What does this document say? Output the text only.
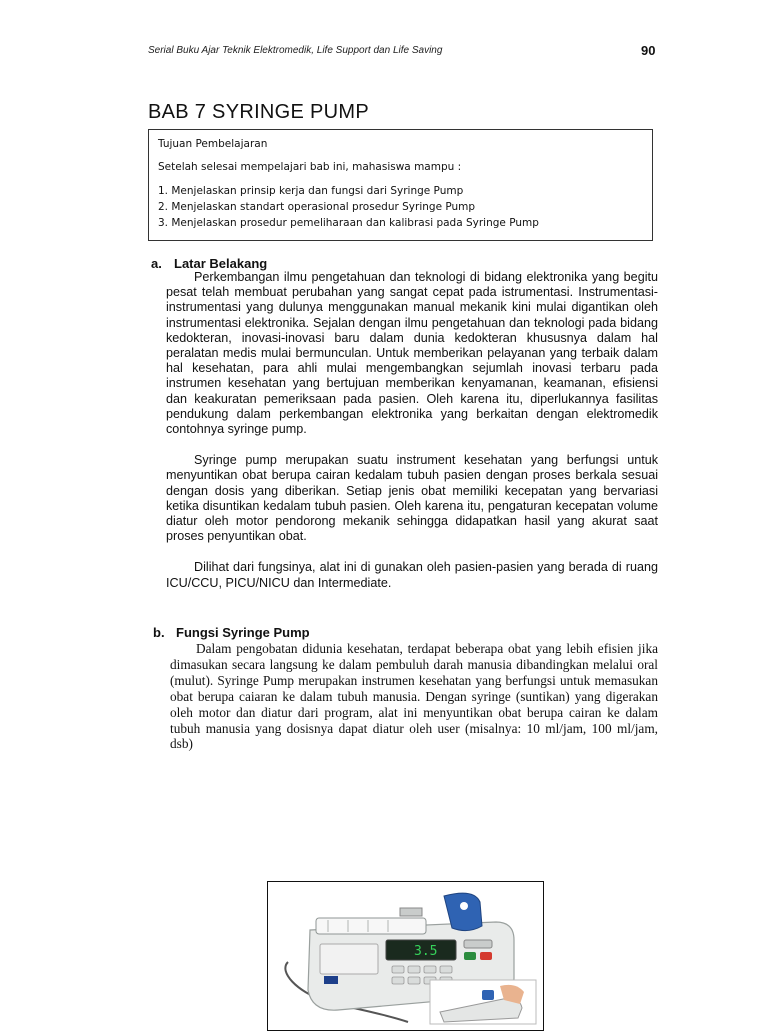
Serial Buku Ajar Teknik Elektromedik, Life Support dan Life Saving	90
BAB 7 SYRINGE PUMP
Tujuan Pembelajaran
Setelah selesai mempelajari bab ini, mahasiswa mampu :
1. Menjelaskan prinsip kerja dan fungsi dari Syringe Pump
2. Menjelaskan standart operasional prosedur Syringe Pump
3. Menjelaskan prosedur pemeliharaan dan kalibrasi pada Syringe Pump
a. Latar Belakang

Perkembangan ilmu pengetahuan dan teknologi di bidang elektronika yang begitu pesat telah membuat perubahan yang sangat cepat pada istrumentasi. Instrumentasi-instrumentasi yang dulunya menggunakan manual mekanik kini mulai digantikan oleh instrumentasi elektronika. Sejalan dengan ilmu pengetahuan dan teknologi pada bidang kedokteran, inovasi-inovasi baru dalam dunia kedokteran khususnya dalam hal peralatan medis mulai bermunculan. Untuk memberikan pelayanan yang terbaik dalam hal kesehatan, para ahli mulai mengembangkan sejumlah inovasi terbaru pada instrumen kesehatan yang bertujuan memberikan kenyamanan, keamanan, efisiensi dan keakuratan pemeriksaan pada pasien. Oleh karena itu, diperlukannya fasilitas pendukung dalam perkembangan elektronika yang berkaitan dengan elektromedik contohnya syringe pump.

Syringe pump merupakan suatu instrument kesehatan yang berfungsi untuk menyuntikan obat berupa cairan kedalam tubuh pasien dengan proses berkala sesuai dengan dosis yang diberikan. Setiap jenis obat memiliki kecepatan yang bervariasi ketika disuntikan kedalam tubuh pasien. Oleh karena itu, pengaturan kecepatan volume diatur oleh motor pendorong mekanik sehingga didapatkan hasil yang akurat saat proses penyuntikan obat.

Dilihat dari fungsinya, alat ini di gunakan oleh pasien-pasien yang berada di ruang ICU/CCU, PICU/NICU dan Intermediate.

b. Fungsi Syringe Pump

Dalam pengobatan didunia kesehatan, terdapat beberapa obat yang lebih efisien jika dimasukan secara langsung ke dalam pembuluh darah manusia dibandingkan melalui oral (mulut). Syringe Pump merupakan instrumen kesehatan yang berfungsi untuk memasukan obat berupa caiaran ke dalam tubuh manusia. Dengan syringe (suntikan) yang digerakan oleh motor dan diatur dari program, alat ini menyuntikan obat berupa cairan ke dalam tubuh manusia yang dosisnya dapat diatur oleh user (misalnya: 10 ml/jam, 100 ml/jam, dsb)

3.5
